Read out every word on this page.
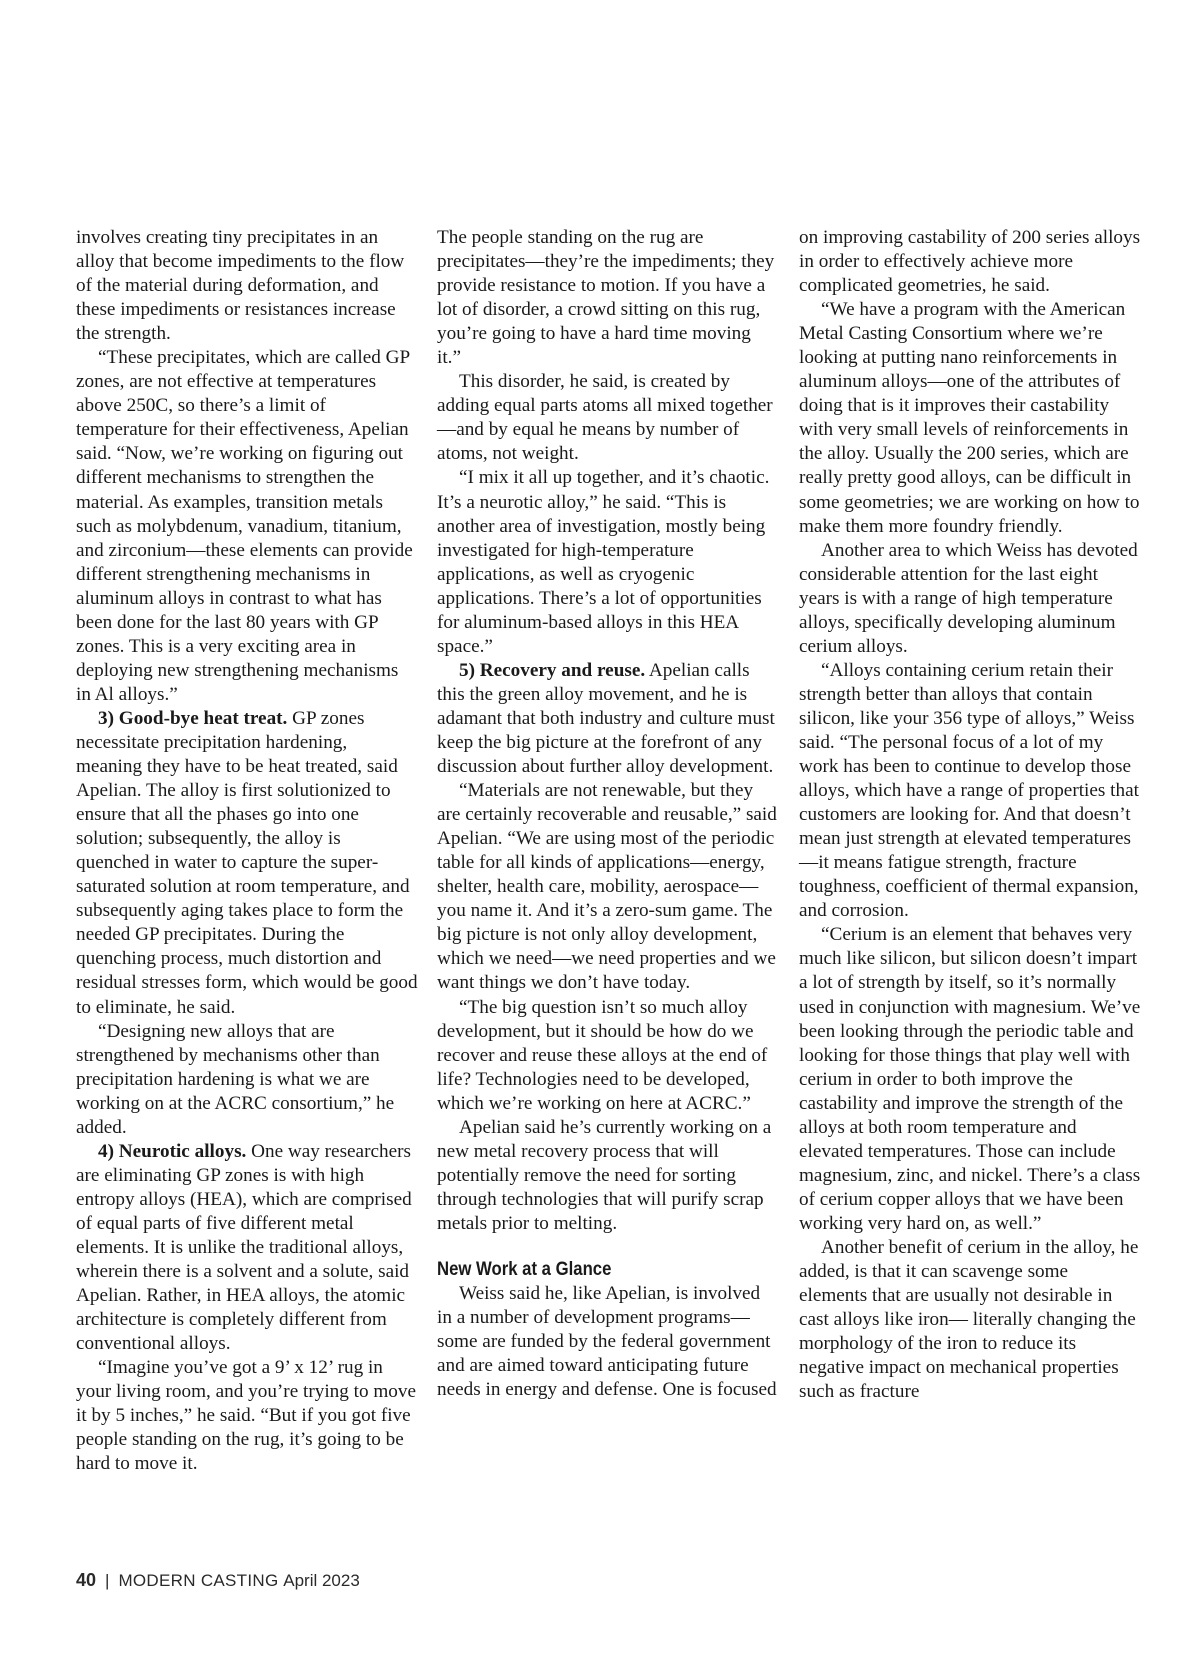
involves creating tiny precipitates in an alloy that become impediments to the flow of the material during deformation, and these impediments or resistances increase the strength.

“These precipitates, which are called GP zones, are not effective at temperatures above 250C, so there’s a limit of temperature for their effectiveness, Apelian said. “Now, we’re working on figuring out different mechanisms to strengthen the material. As examples, transition metals such as molybdenum, vanadium, titanium, and zirconium—these elements can provide different strengthening mechanisms in aluminum alloys in contrast to what has been done for the last 80 years with GP zones. This is a very exciting area in deploying new strengthening mechanisms in Al alloys.”

3) Good-bye heat treat. GP zones necessitate precipitation hardening, meaning they have to be heat treated, said Apelian. The alloy is first solutionized to ensure that all the phases go into one solution; subsequently, the alloy is quenched in water to capture the super-saturated solution at room temperature, and subsequently aging takes place to form the needed GP precipitates. During the quenching process, much distortion and residual stresses form, which would be good to eliminate, he said.

“Designing new alloys that are strengthened by mechanisms other than precipitation hardening is what we are working on at the ACRC consortium,” he added.

4) Neurotic alloys. One way researchers are eliminating GP zones is with high entropy alloys (HEA), which are comprised of equal parts of five different metal elements. It is unlike the traditional alloys, wherein there is a solvent and a solute, said Apelian. Rather, in HEA alloys, the atomic architecture is completely different from conventional alloys.

“Imagine you’ve got a 9’ x 12’ rug in your living room, and you’re trying to move it by 5 inches,” he said. “But if you got five people standing on the rug, it’s going to be hard to move it.

The people standing on the rug are precipitates—they’re the impediments; they provide resistance to motion. If you have a lot of disorder, a crowd sitting on this rug, you’re going to have a hard time moving it.”

This disorder, he said, is created by adding equal parts atoms all mixed together—and by equal he means by number of atoms, not weight.

“I mix it all up together, and it’s chaotic. It’s a neurotic alloy,” he said. “This is another area of investigation, mostly being investigated for high-temperature applications, as well as cryogenic applications. There’s a lot of opportunities for aluminum-based alloys in this HEA space.”

5) Recovery and reuse. Apelian calls this the green alloy movement, and he is adamant that both industry and culture must keep the big picture at the forefront of any discussion about further alloy development.

“Materials are not renewable, but they are certainly recoverable and reusable,” said Apelian. “We are using most of the periodic table for all kinds of applications—energy, shelter, health care, mobility, aerospace—you name it. And it’s a zero-sum game. The big picture is not only alloy development, which we need—we need properties and we want things we don’t have today.

“The big question isn’t so much alloy development, but it should be how do we recover and reuse these alloys at the end of life? Technologies need to be developed, which we’re working on here at ACRC.”

Apelian said he’s currently working on a new metal recovery process that will potentially remove the need for sorting through technologies that will purify scrap metals prior to melting.

New Work at a Glance

Weiss said he, like Apelian, is involved in a number of development programs—some are funded by the federal government and are aimed toward anticipating future needs in energy and defense. One is focused

on improving castability of 200 series alloys in order to effectively achieve more complicated geometries, he said.

“We have a program with the American Metal Casting Consortium where we’re looking at putting nano reinforcements in aluminum alloys—one of the attributes of doing that is it improves their castability with very small levels of reinforcements in the alloy. Usually the 200 series, which are really pretty good alloys, can be difficult in some geometries; we are working on how to make them more foundry friendly.

Another area to which Weiss has devoted considerable attention for the last eight years is with a range of high temperature alloys, specifically developing aluminum cerium alloys.

“Alloys containing cerium retain their strength better than alloys that contain silicon, like your 356 type of alloys,” Weiss said. “The personal focus of a lot of my work has been to continue to develop those alloys, which have a range of properties that customers are looking for. And that doesn’t mean just strength at elevated temperatures—it means fatigue strength, fracture toughness, coefficient of thermal expansion, and corrosion.

“Cerium is an element that behaves very much like silicon, but silicon doesn’t impart a lot of strength by itself, so it’s normally used in conjunction with magnesium. We’ve been looking through the periodic table and looking for those things that play well with cerium in order to both improve the castability and improve the strength of the alloys at both room temperature and elevated temperatures. Those can include magnesium, zinc, and nickel. There’s a class of cerium copper alloys that we have been working very hard on, as well.”

Another benefit of cerium in the alloy, he added, is that it can scavenge some elements that are usually not desirable in cast alloys like iron— literally changing the morphology of the iron to reduce its negative impact on mechanical properties such as fracture

40 | MODERN CASTING April 2023
